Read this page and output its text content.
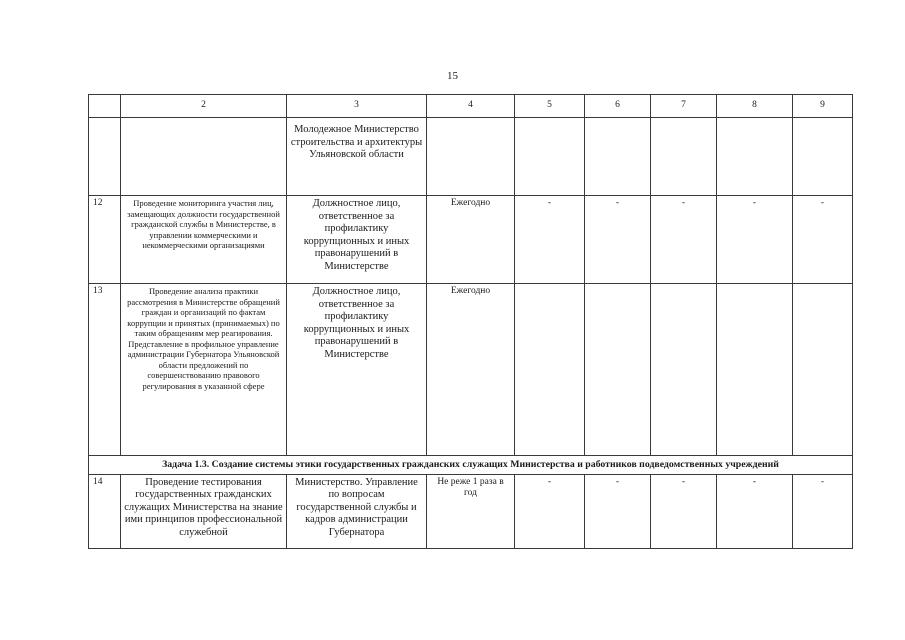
15
	2	3	4	5	6	7	8	9
		Молодежное Министерство строительства и архитектуры Ульяновской области						
12	Проведение мониторинга участия лиц, замещающих должности государственной гражданской службы в Министерстве, в управлении коммерческими и некоммерческими организациями	Должностное лицо, ответственное за профилактику коррупционных и иных правонарушений в Министерстве	Ежегодно	-	-	-	-	-
13	Проведение анализа практики рассмотрения в Министерстве обращений граждан и организаций по фактам коррупции и принятых (принимаемых) по таким обращениям мер реагирования. Представление в профильное управление администрации Губернатора Ульяновской области предложений по совершенствованию правового регулирования в указанной сфере	Должностное лицо, ответственное за профилактику коррупционных и иных правонарушений в Министерстве	Ежегодно					
Задача 1.3. Создание системы этики государственных гражданских служащих Министерства и работников подведомственных учреждений								
14	Проведение тестирования государственных гражданских служащих Министерства на знание ими принципов профессиональной служебной	Министерство. Управление по вопросам государственной службы и кадров администрации Губернатора	Не реже 1 раза в год	-	-	-	-	-
